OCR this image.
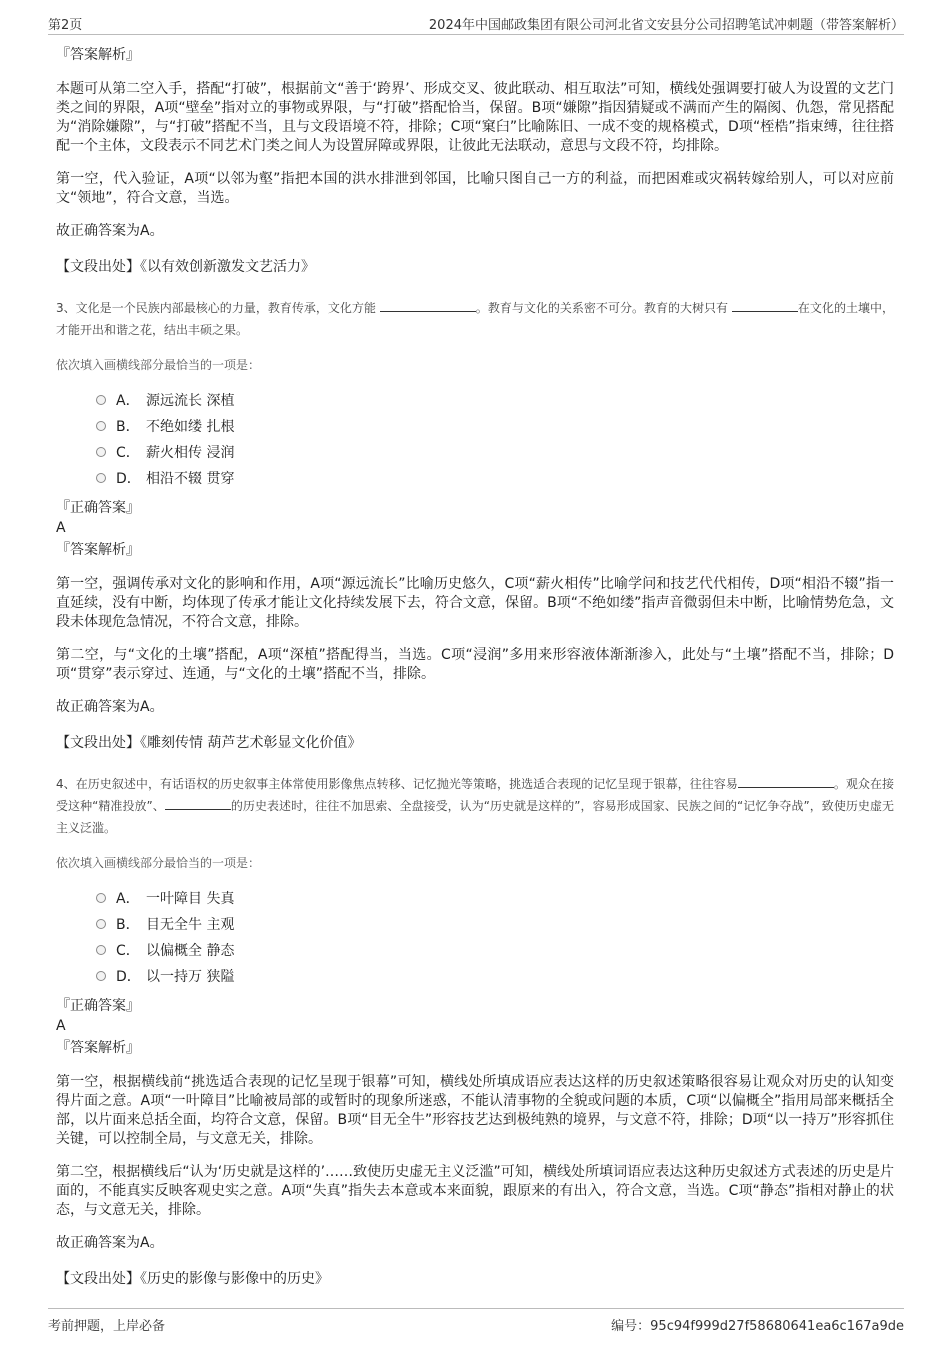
第2页	2024年中国邮政集团有限公司河北省文安县分公司招聘笔试冲刺题（带答案解析）

『答案解析』

本题可从第二空入手，搭配“打破”，根据前文“善于‘跨界’、形成交叉、彼此联动、相互取法”可知，横线处强调要打破人为设置的文艺门类之间的界限，A项“壁垒”指对立的事物或界限，与“打破”搭配恰当，保留。B项“嫌隙”指因猜疑或不满而产生的隔阂、仇怨，常见搭配为“消除嫌隙”，与“打破”搭配不当，且与文段语境不符，排除；C项“窠臼”比喻陈旧、一成不变的规格模式，D项“桎梏”指束缚，往往搭配一个主体，文段表示不同艺术门类之间人为设置屏障或界限，让彼此无法联动，意思与文段不符，均排除。

第一空，代入验证，A项“以邻为壑”指把本国的洪水排泄到邻国，比喻只图自己一方的利益，而把困难或灾祸转嫁给别人，可以对应前文“领地”，符合文意，当选。

故正确答案为A。

【文段出处】《以有效创新激发文艺活力》

3、文化是一个民族内部最核心的力量，教育传承，文化方能	。教育与文化的关系密不可分。教育的大树只有	在文化的土壤中，才能开出和谐之花，结出丰硕之果。

依次填入画横线部分最恰当的一项是：

A． 源远流长 深植
B． 不绝如缕 扎根
C． 薪火相传 浸润
D． 相沿不辍 贯穿

『正确答案』

A

『答案解析』

第一空，强调传承对文化的影响和作用，A项“源远流长”比喻历史悠久，C项“薪火相传”比喻学问和技艺代代相传，D项“相沿不辍”指一直延续，没有中断，均体现了传承才能让文化持续发展下去，符合文意，保留。B项“不绝如缕”指声音微弱但未中断，比喻情势危急，文段未体现危急情况，不符合文意，排除。

第二空，与“文化的土壤”搭配，A项“深植”搭配得当，当选。C项“浸润”多用来形容液体渐渐渗入，此处与“土壤”搭配不当，排除；D项“贯穿”表示穿过、连通，与“文化的土壤”搭配不当，排除。

故正确答案为A。

【文段出处】《雕刻传情 葫芦艺术彰显文化价值》

4、在历史叙述中，有话语权的历史叙事主体常使用影像焦点转移、记忆抛光等策略，挑选适合表现的记忆呈现于银幕，往往容易	。观众在接受这种“精准投放”、	的历史表述时，往往不加思索、全盘接受，认为“历史就是这样的”，容易形成国家、民族之间的“记忆争夺战”，致使历史虚无主义泛滥。

依次填入画横线部分最恰当的一项是：

A． 一叶障目 失真
B． 目无全牛 主观
C． 以偏概全 静态
D． 以一持万 狭隘

『正确答案』

A

『答案解析』

第一空，根据横线前“挑选适合表现的记忆呈现于银幕”可知，横线处所填成语应表达这样的历史叙述策略很容易让观众对历史的认知变得片面之意。A项“一叶障目”比喻被局部的或暂时的现象所迷惑，不能认清事物的全貌或问题的本质，C项“以偏概全”指用局部来概括全部，以片面来总括全面，均符合文意，保留。B项“目无全牛”形容技艺达到极纯熟的境界，与文意不符，排除；D项“以一持万”形容抓住关键，可以控制全局，与文意无关，排除。

第二空，根据横线后“认为‘历史就是这样的’……致使历史虚无主义泛滥”可知，横线处所填词语应表达这种历史叙述方式表述的历史是片面的，不能真实反映客观史实之意。A项“失真”指失去本意或本来面貌，跟原来的有出入，符合文意，当选。C项“静态”指相对静止的状态，与文意无关，排除。

故正确答案为A。

【文段出处】《历史的影像与影像中的历史》

考前押题，上岸必备	编号：95c94f999d27f58680641ea6c167a9de
